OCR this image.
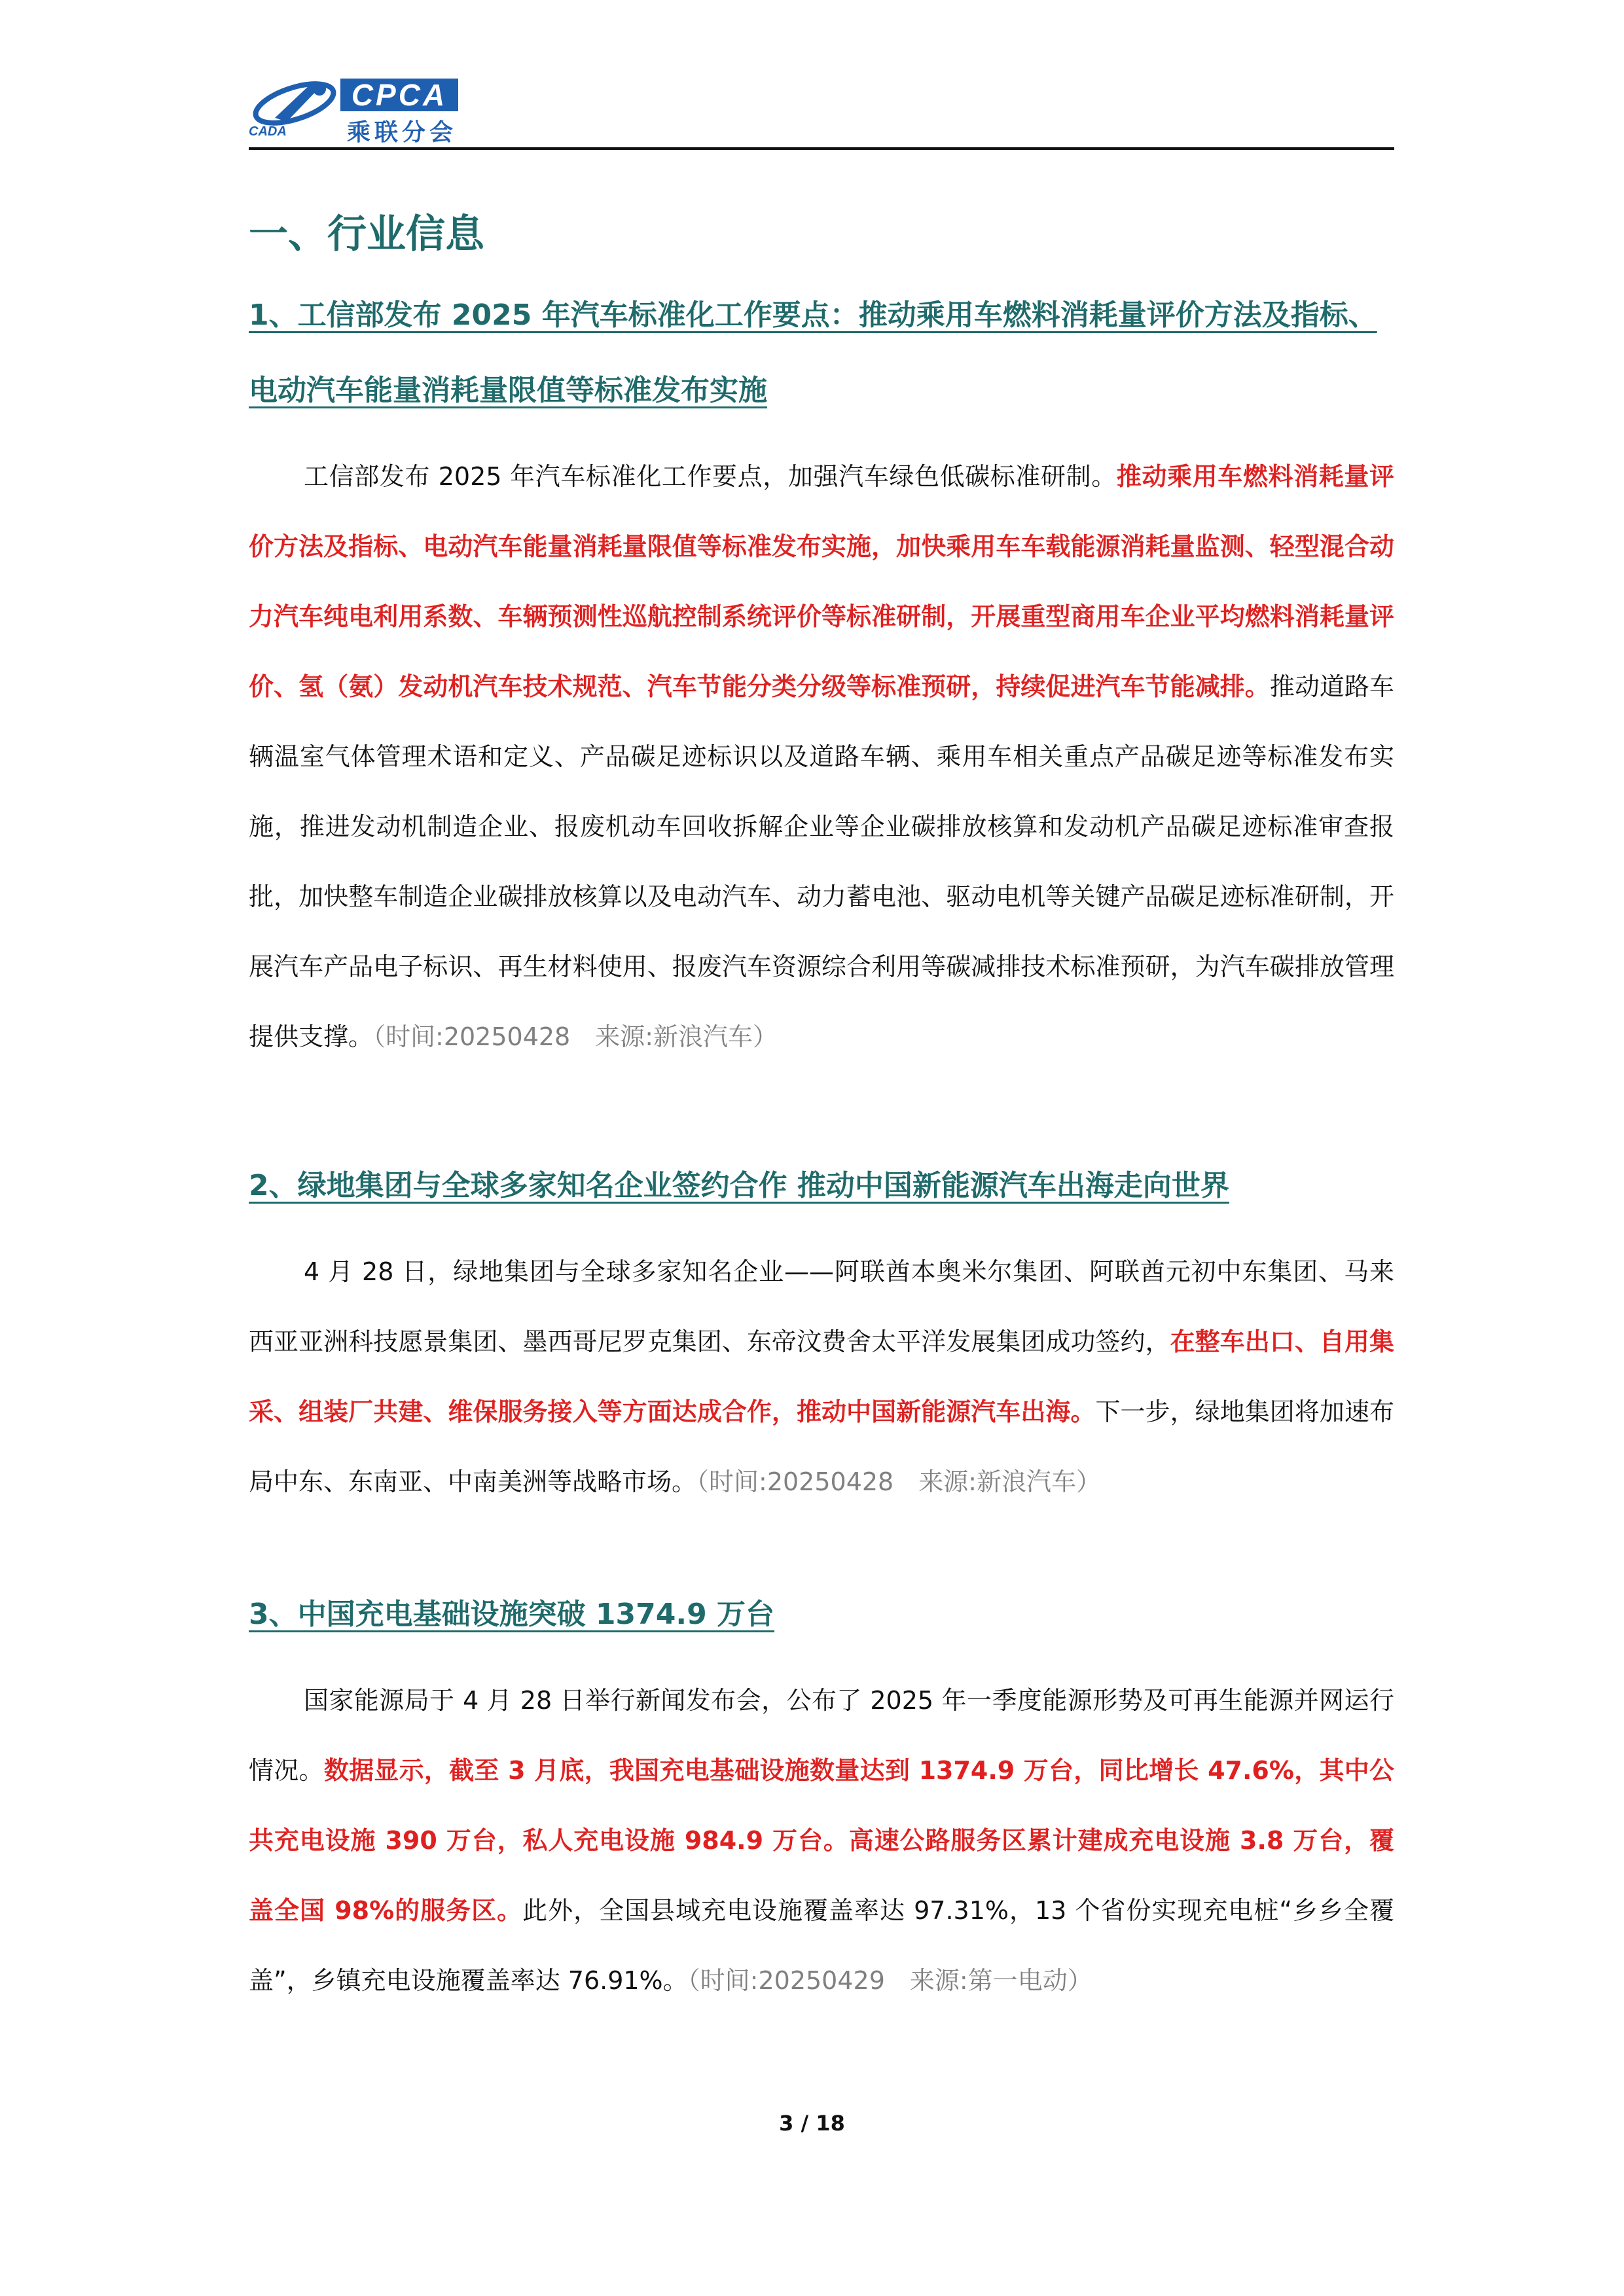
CPCA
乘联分会
CADA
一、行业信息
1、工信部发布 2025 年汽车标准化工作要点：推动乘用车燃料消耗量评价方法及指标、
电动汽车能量消耗量限值等标准发布实施
工信部发布 2025 年汽车标准化工作要点，加强汽车绿色低碳标准研制。推动乘用车燃料消耗量评价方法及指标、电动汽车能量消耗量限值等标准发布实施，加快乘用车车载能源消耗量监测、轻型混合动力汽车纯电利用系数、车辆预测性巡航控制系统评价等标准研制，开展重型商用车企业平均燃料消耗量评价、氢（氨）发动机汽车技术规范、汽车节能分类分级等标准预研，持续促进汽车节能减排。推动道路车辆温室气体管理术语和定义、产品碳足迹标识以及道路车辆、乘用车相关重点产品碳足迹等标准发布实施，推进发动机制造企业、报废机动车回收拆解企业等企业碳排放核算和发动机产品碳足迹标准审查报批，加快整车制造企业碳排放核算以及电动汽车、动力蓄电池、驱动电机等关键产品碳足迹标准研制，开展汽车产品电子标识、再生材料使用、报废汽车资源综合利用等碳减排技术标准预研，为汽车碳排放管理提供支撑。（时间:20250428　来源:新浪汽车）
2、绿地集团与全球多家知名企业签约合作 推动中国新能源汽车出海走向世界
4 月 28 日，绿地集团与全球多家知名企业——阿联酋本奥米尔集团、阿联酋元初中东集团、马来西亚亚洲科技愿景集团、墨西哥尼罗克集团、东帝汶费舍太平洋发展集团成功签约，在整车出口、自用集采、组装厂共建、维保服务接入等方面达成合作，推动中国新能源汽车出海。下一步，绿地集团将加速布局中东、东南亚、中南美洲等战略市场。（时间:20250428　来源:新浪汽车）
3、中国充电基础设施突破 1374.9 万台
国家能源局于 4 月 28 日举行新闻发布会，公布了 2025 年一季度能源形势及可再生能源并网运行情况。数据显示，截至 3 月底，我国充电基础设施数量达到 1374.9 万台，同比增长 47.6%，其中公共充电设施 390 万台，私人充电设施 984.9 万台。高速公路服务区累计建成充电设施 3.8 万台，覆盖全国 98%的服务区。此外，全国县域充电设施覆盖率达 97.31%，13 个省份实现充电桩“乡乡全覆盖”，乡镇充电设施覆盖率达 76.91%。（时间:20250429　来源:第一电动）
3 / 18
